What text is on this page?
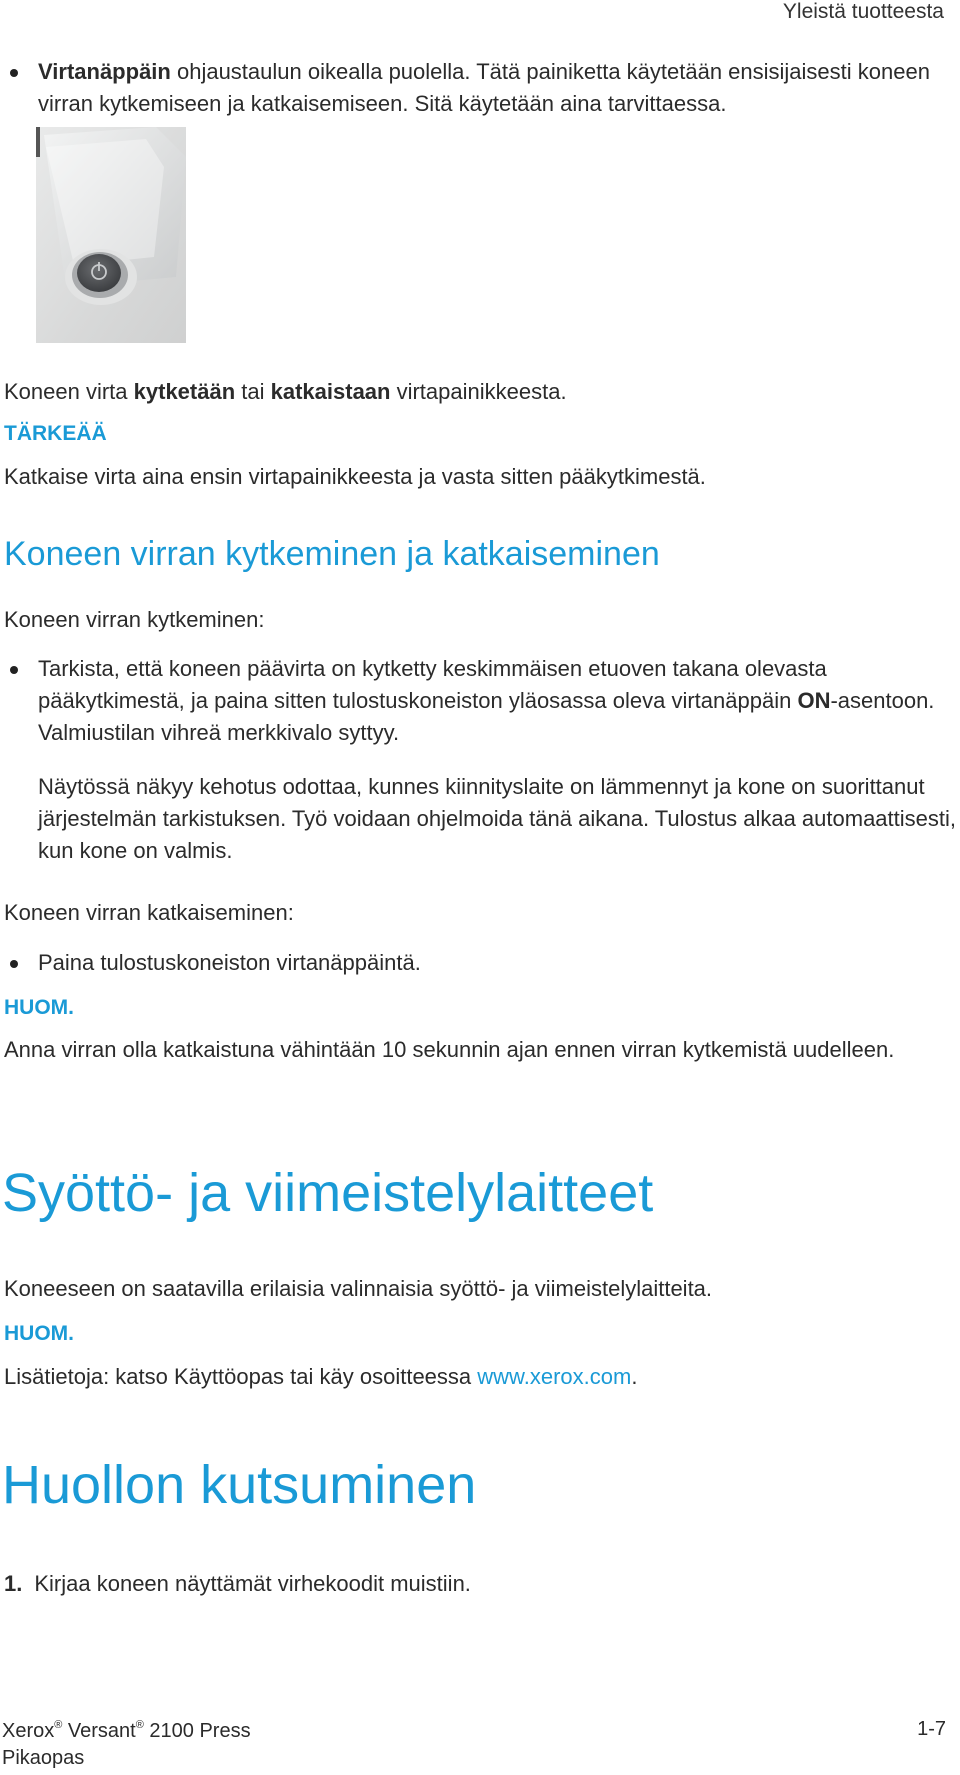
Yleistä tuotteesta
Virtanäppäin ohjaustaulun oikealla puolella. Tätä painiketta käytetään ensisijaisesti koneen virran kytkemiseen ja katkaisemiseen. Sitä käytetään aina tarvittaessa.
Koneen virta kytketään tai katkaistaan virtapainikkeesta.
TÄRKEÄÄ
Katkaise virta aina ensin virtapainikkeesta ja vasta sitten pääkytkimestä.
Koneen virran kytkeminen ja katkaiseminen
Koneen virran kytkeminen:
Tarkista, että koneen päävirta on kytketty keskimmäisen etuoven takana olevasta pääkytkimestä, ja paina sitten tulostuskoneiston yläosassa oleva virtanäppäin ON-asentoon. Valmiustilan vihreä merkkivalo syttyy.
Näytössä näkyy kehotus odottaa, kunnes kiinnityslaite on lämmennyt ja kone on suorittanut järjestelmän tarkistuksen. Työ voidaan ohjelmoida tänä aikana. Tulostus alkaa automaattisesti, kun kone on valmis.
Koneen virran katkaiseminen:
Paina tulostuskoneiston virtanäppäintä.
HUOM.
Anna virran olla katkaistuna vähintään 10 sekunnin ajan ennen virran kytkemistä uudelleen.
Syöttö- ja viimeistelylaitteet
Koneeseen on saatavilla erilaisia valinnaisia syöttö- ja viimeistelylaitteita.
HUOM.
Lisätietoja: katso Käyttöopas tai käy osoitteessa www.xerox.com.
Huollon kutsuminen
1. Kirjaa koneen näyttämät virhekoodit muistiin.
Xerox® Versant® 2100 Press
Pikaopas
1-7
